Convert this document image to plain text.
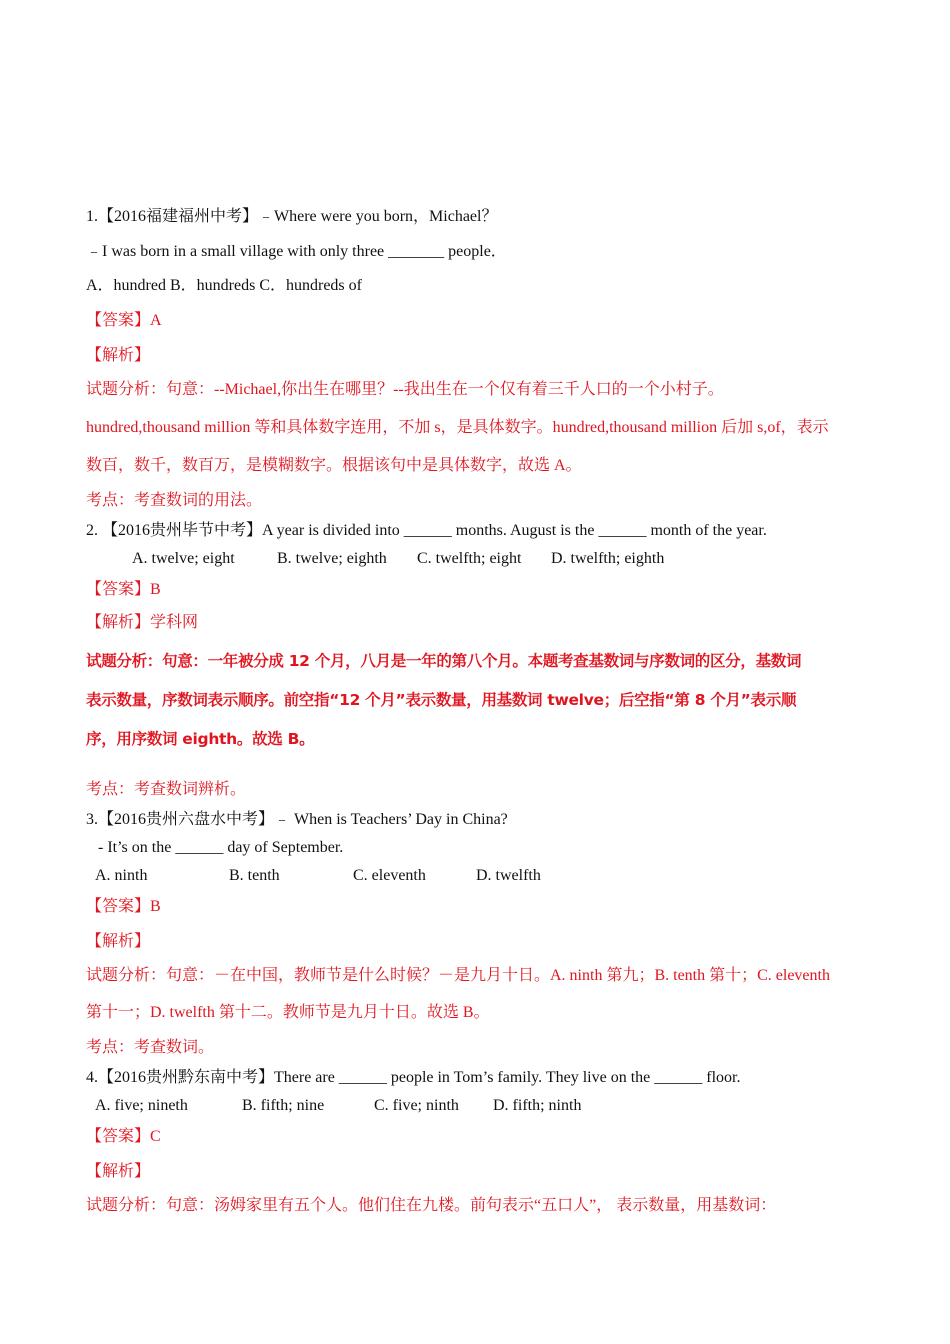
1.【2016福建福州中考】﹣Where were you born，Michael？
﹣I was born in a small village with only three _______ people．
A．hundred B．hundreds C．hundreds of
【答案】A
【解析】
试题分析：句意：--Michael,你出生在哪里？--我出生在一个仅有着三千人口的一个小村子。
hundred,thousand million 等和具体数字连用，不加 s，是具体数字。hundred,thousand million 后加 s,of，表示
数百，数千，数百万，是模糊数字。根据该句中是具体数字，故选 A。
考点：考查数词的用法。
2. 【2016贵州毕节中考】A year is divided into ______ months. August is the ______ month of the year.
A. twelve; eight	B. twelve; eighth C. twelfth; eight D. twelfth; eighth
【答案】B
【解析】学科网
试题分析：句意：一年被分成 12 个月，八月是一年的第八个月。本题考查基数词与序数词的区分，基数词
表示数量，序数词表示顺序。前空指“12 个月”表示数量，用基数词 twelve；后空指“第 8 个月”表示顺
序，用序数词 eighth。故选 B。
考点：考查数词辨析。
3.【2016贵州六盘水中考】﹣ When is Teachers’ Day in China?
- It’s on the ______ day of September.
A. ninth	B. tenth	C. eleventh	D. twelfth
【答案】B
【解析】
试题分析：句意：－在中国，教师节是什么时候？－是九月十日。A. ninth 第九；B. tenth 第十；C. eleventh
第十一；D. twelfth 第十二。教师节是九月十日。故选 B。
考点：考查数词。
4.【2016贵州黔东南中考】There are ______ people in Tom’s family. They live on the ______ floor.
A. five; nineth	B. fifth; nine	C. five; ninth D. fifth; ninth
【答案】C
【解析】
试题分析：句意：汤姆家里有五个人。他们住在九楼。前句表示“五口人”， 表示数量，用基数词：
